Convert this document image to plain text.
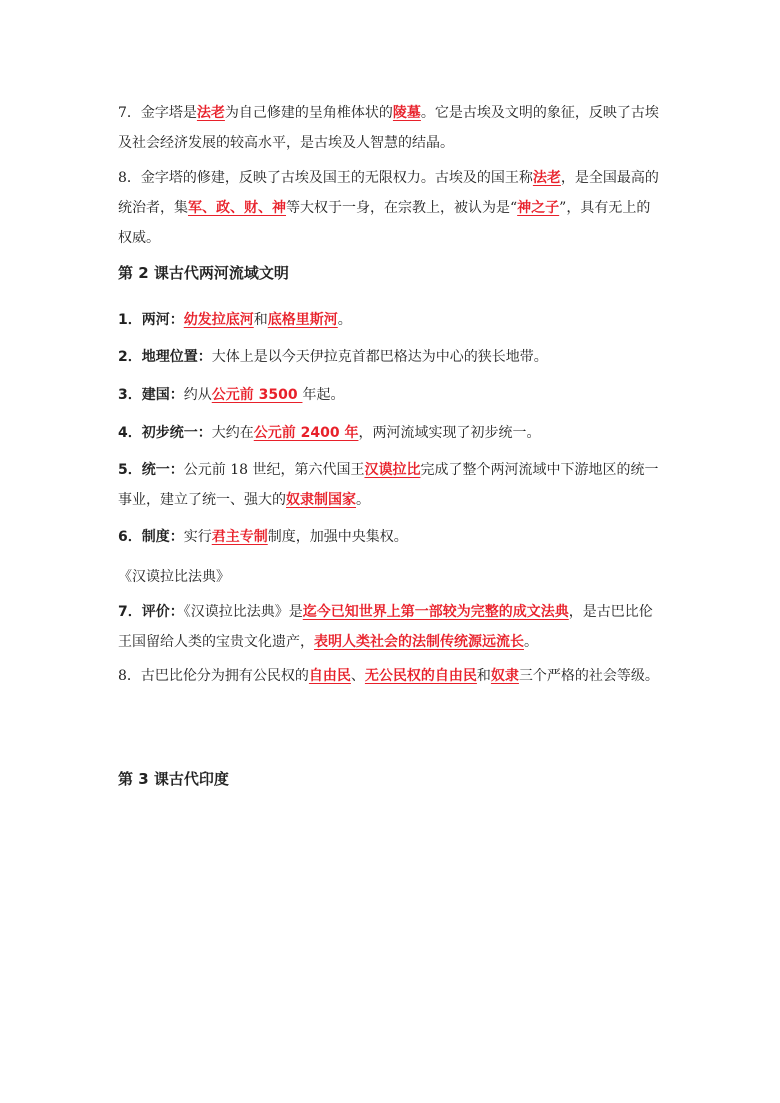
7．金字塔是法老为自己修建的呈角椎体状的陵墓。它是古埃及文明的象征，反映了古埃及社会经济发展的较高水平，是古埃及人智慧的结晶。
8．金字塔的修建，反映了古埃及国王的无限权力。古埃及的国王称法老，是全国最高的统治者，集军、政、财、神等大权于一身，在宗教上，被认为是“神之子”，具有无上的权威。
第 2 课古代两河流域文明
1．两河：幼发拉底河和底格里斯河。
2．地理位置：大体上是以今天伊拉克首都巴格达为中心的狭长地带。
3．建国：约从公元前 3500 年起。
4．初步统一：大约在公元前 2400 年，两河流域实现了初步统一。
5．统一：公元前 18 世纪，第六代国王汉谟拉比完成了整个两河流域中下游地区的统一事业，建立了统一、强大的奴隶制国家。
6．制度：实行君主专制制度，加强中央集权。
《汉谟拉比法典》
7．评价：《汉谟拉比法典》是迄今已知世界上第一部较为完整的成文法典，是古巴比伦王国留给人类的宝贵文化遗产，表明人类社会的法制传统源远流长。
8．古巴比伦分为拥有公民权的自由民、无公民权的自由民和奴隶三个严格的社会等级。
第 3 课古代印度
